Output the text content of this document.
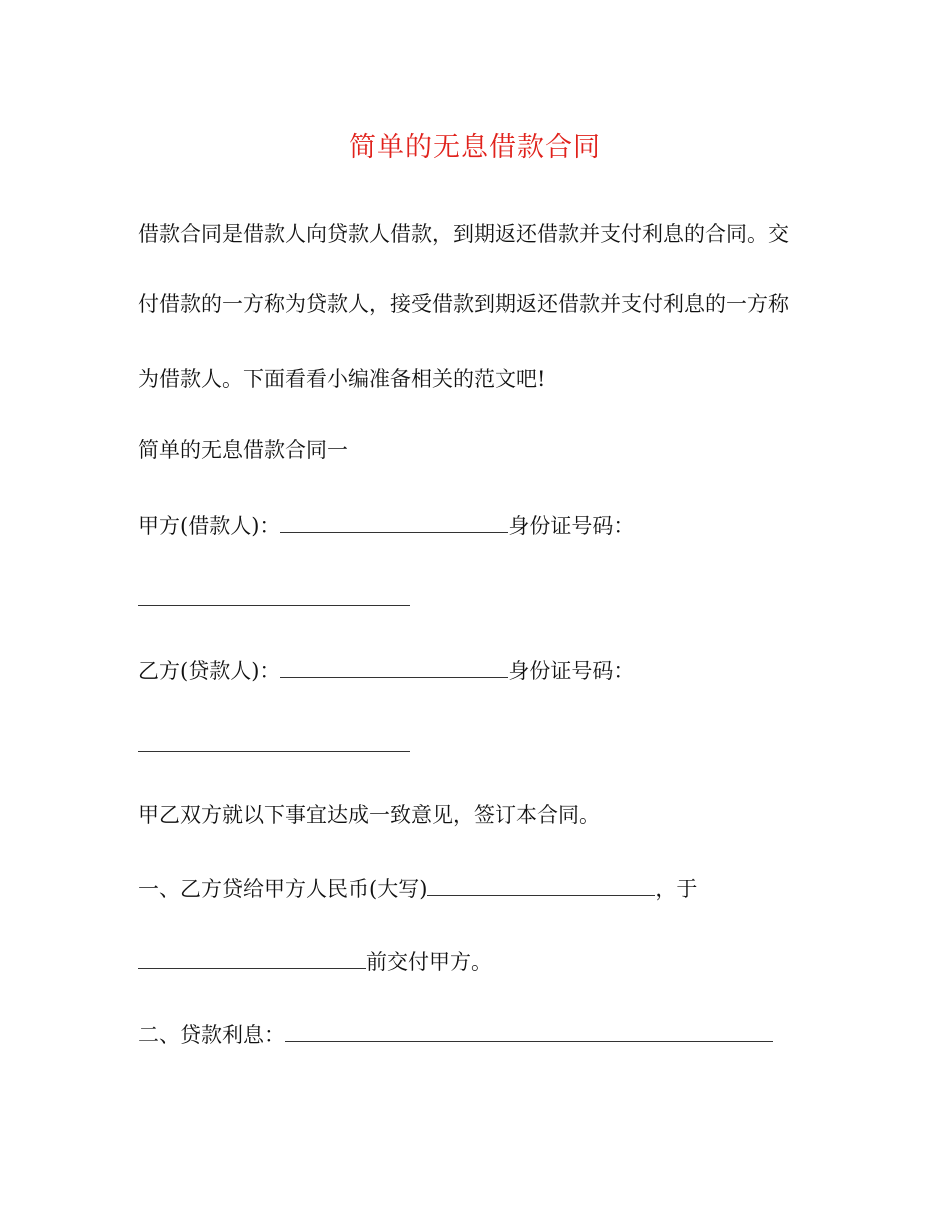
简单的无息借款合同
借款合同是借款人向贷款人借款，到期返还借款并支付利息的合同。交
付借款的一方称为贷款人，接受借款到期返还借款并支付利息的一方称
为借款人。下面看看小编准备相关的范文吧!
简单的无息借款合同一
甲方(借款人)：	身份证号码：
乙方(贷款人)：	身份证号码：
甲乙双方就以下事宜达成一致意见，签订本合同。
一、乙方贷给甲方人民币(大写)	，于
前交付甲方。
二、贷款利息：
